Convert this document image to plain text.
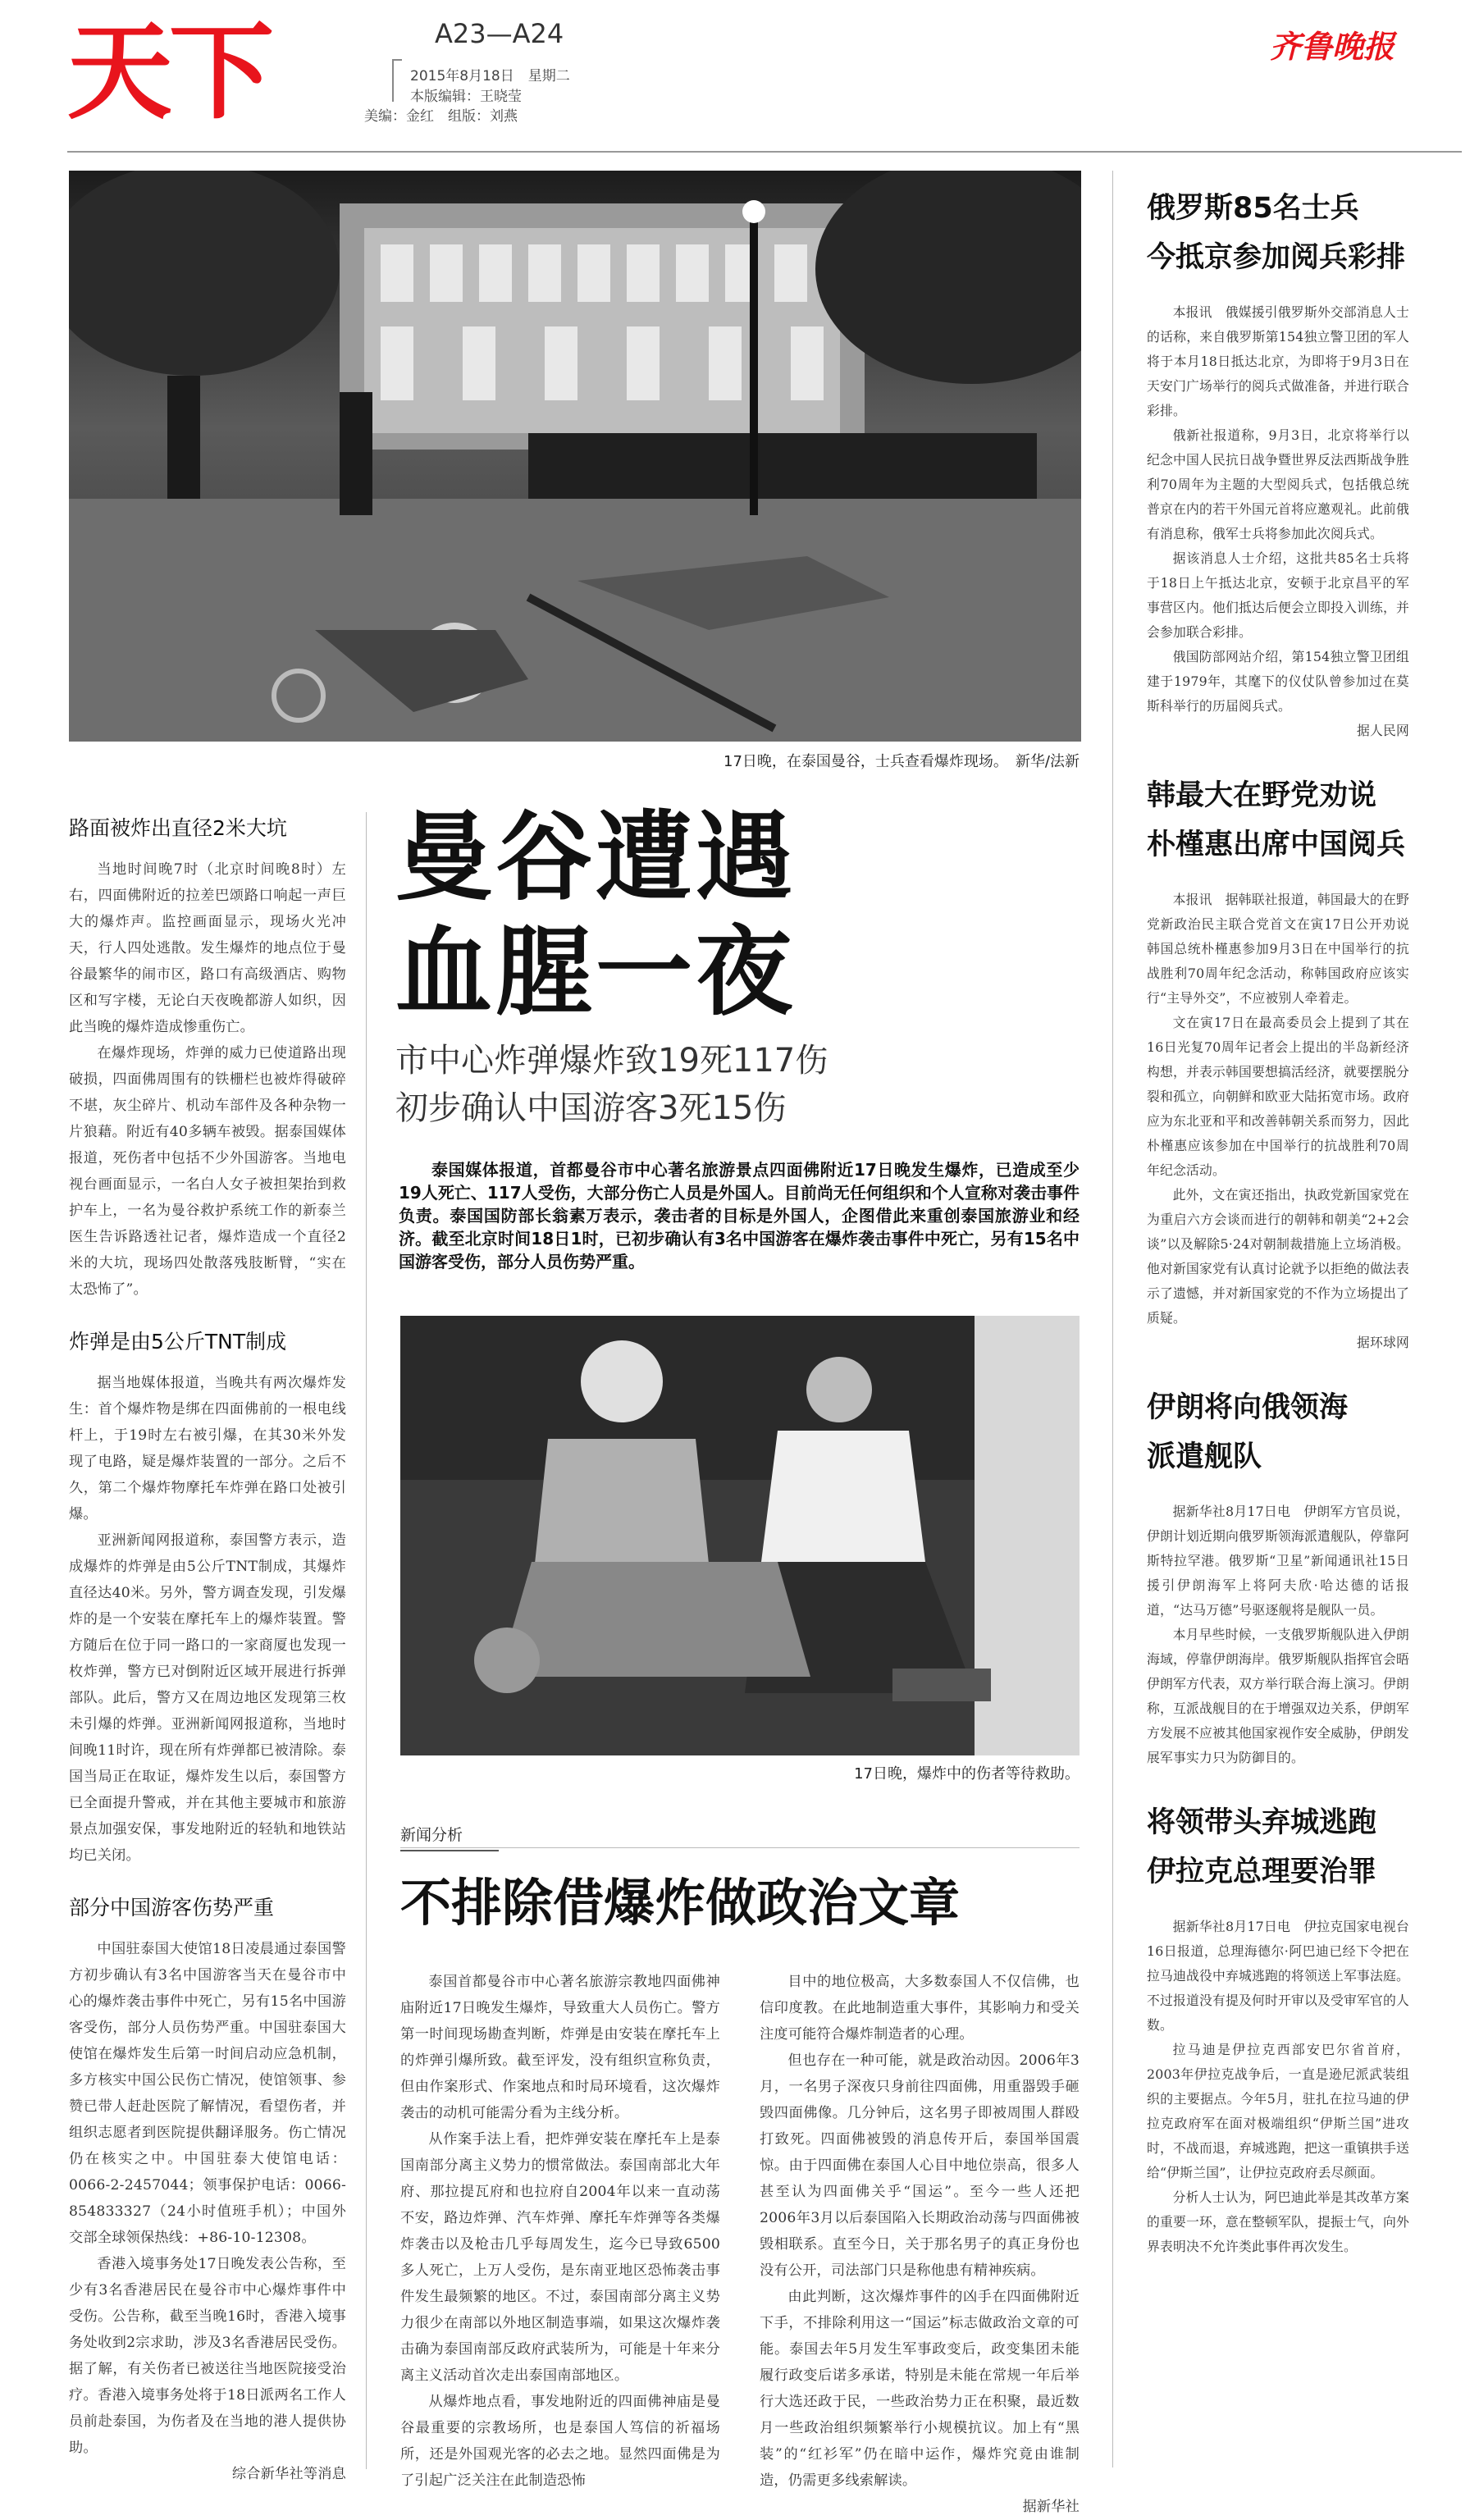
天下	A23—A24
2015年8月18日　星期二
本版编辑：王晓莹
美编：金红　组版：刘燕
齐鲁晚报
17日晚，在泰国曼谷，士兵查看爆炸现场。　新华/法新
路面被炸出直径2米大坑

当地时间晚7时（北京时间晚8时）左右，四面佛附近的拉差巴颂路口响起一声巨大的爆炸声。监控画面显示，现场火光冲天，行人四处逃散。发生爆炸的地点位于曼谷最繁华的闹市区，路口有高级酒店、购物区和写字楼，无论白天夜晚都游人如织，因此当晚的爆炸造成惨重伤亡。

在爆炸现场，炸弹的威力已使道路出现破损，四面佛周围有的铁栅栏也被炸得破碎不堪，灰尘碎片、机动车部件及各种杂物一片狼藉。附近有40多辆车被毁。据泰国媒体报道，死伤者中包括不少外国游客。当地电视台画面显示，一名白人女子被担架抬到救护车上，一名为曼谷救护系统工作的新泰兰医生告诉路透社记者，爆炸造成一个直径2米的大坑，现场四处散落残肢断臂，“实在太恐怖了”。

炸弹是由5公斤TNT制成

据当地媒体报道，当晚共有两次爆炸发生：首个爆炸物是绑在四面佛前的一根电线杆上，于19时左右被引爆，在其30米外发现了电路，疑是爆炸装置的一部分。之后不久，第二个爆炸物摩托车炸弹在路口处被引爆。

亚洲新闻网报道称，泰国警方表示，造成爆炸的炸弹是由5公斤TNT制成，其爆炸直径达40米。另外，警方调查发现，引发爆炸的是一个安装在摩托车上的爆炸装置。警方随后在位于同一路口的一家商厦也发现一枚炸弹，警方已对倒附近区域开展进行拆弹部队。此后，警方又在周边地区发现第三枚未引爆的炸弹。亚洲新闻网报道称，当地时间晚11时许，现在所有炸弹都已被清除。泰国当局正在取证，爆炸发生以后，泰国警方已全面提升警戒，并在其他主要城市和旅游景点加强安保，事发地附近的轻轨和地铁站均已关闭。

部分中国游客伤势严重

中国驻泰国大使馆18日凌晨通过泰国警方初步确认有3名中国游客当天在曼谷市中心的爆炸袭击事件中死亡，另有15名中国游客受伤，部分人员伤势严重。中国驻泰国大使馆在爆炸发生后第一时间启动应急机制，多方核实中国公民伤亡情况，使馆领事、参赞已带人赶赴医院了解情况，看望伤者，并组织志愿者到医院提供翻译服务。伤亡情况仍在核实之中。中国驻泰大使馆电话：0066-2-2457044；领事保护电话：0066-854833327（24小时值班手机）；中国外交部全球领保热线：+86-10-12308。

香港入境事务处17日晚发表公告称，至少有3名香港居民在曼谷市中心爆炸事件中受伤。公告称，截至当晚16时，香港入境事务处收到2宗求助，涉及3名香港居民受伤。据了解，有关伤者已被送往当地医院接受治疗。香港入境事务处将于18日派两名工作人员前赴泰国，为伤者及在当地的港人提供协助。

综合新华社等消息
曼谷遭遇
血腥一夜
市中心炸弹爆炸致19死117伤
初步确认中国游客3死15伤
泰国媒体报道，首都曼谷市中心著名旅游景点四面佛附近17日晚发生爆炸，已造成至少19人死亡、117人受伤，大部分伤亡人员是外国人。目前尚无任何组织和个人宣称对袭击事件负责。泰国国防部长翁素万表示，袭击者的目标是外国人，企图借此来重创泰国旅游业和经济。截至北京时间18日1时，已初步确认有3名中国游客在爆炸袭击事件中死亡，另有15名中国游客受伤，部分人员伤势严重。
17日晚，爆炸中的伤者等待救助。
新闻分析
不排除借爆炸做政治文章

泰国首都曼谷市中心著名旅游宗教地四面佛神庙附近17日晚发生爆炸，导致重大人员伤亡。警方第一时间现场勘查判断，炸弹是由安装在摩托车上的炸弹引爆所致。截至评发，没有组织宣称负责，但由作案形式、作案地点和时局环境看，这次爆炸袭击的动机可能需分看为主线分析。

从作案手法上看，把炸弹安装在摩托车上是泰国南部分离主义势力的惯常做法。泰国南部北大年府、那拉提瓦府和也拉府自2004年以来一直动荡不安，路边炸弹、汽车炸弹、摩托车炸弹等各类爆炸袭击以及枪击几乎每周发生，迄今已导致6500多人死亡，上万人受伤，是东南亚地区恐怖袭击事件发生最频繁的地区。不过，泰国南部分离主义势力很少在南部以外地区制造事端，如果这次爆炸袭击确为泰国南部反政府武装所为，可能是十年来分离主义活动首次走出泰国南部地区。

从爆炸地点看，事发地附近的四面佛神庙是曼谷最重要的宗教场所，也是泰国人笃信的祈福场所，还是外国观光客的必去之地。显然四面佛是为了引起广泛关注在此制造恐怖

目中的地位极高，大多数泰国人不仅信佛，也信印度教。在此地制造重大事件，其影响力和受关注度可能符合爆炸制造者的心理。

但也存在一种可能，就是政治动因。2006年3月，一名男子深夜只身前往四面佛，用重器毁手砸毁四面佛像。几分钟后，这名男子即被周围人群殴打致死。四面佛被毁的消息传开后，泰国举国震惊。由于四面佛在泰国人心目中地位崇高，很多人甚至认为四面佛关乎“国运”。至今一些人还把2006年3月以后泰国陷入长期政治动荡与四面佛被毁相联系。直至今日，关于那名男子的真正身份也没有公开，司法部门只是称他患有精神疾病。

由此判断，这次爆炸事件的凶手在四面佛附近下手，不排除利用这一“国运”标志做政治文章的可能。泰国去年5月发生军事政变后，政变集团未能履行政变后诺多承诺，特别是未能在常规一年后举行大选还政于民，一些政治势力正在积聚，最近数月一些政治组织频繁举行小规模抗议。加上有“黑装”的“红衫军”仍在暗中运作，爆炸究竟由谁制造，仍需更多线索解读。

据新华社
俄罗斯85名士兵
今抵京参加阅兵彩排

本报讯　俄媒援引俄罗斯外交部消息人士的话称，来自俄罗斯第154独立警卫团的军人将于本月18日抵达北京，为即将于9月3日在天安门广场举行的阅兵式做准备，并进行联合彩排。

俄新社报道称，9月3日，北京将举行以纪念中国人民抗日战争暨世界反法西斯战争胜利70周年为主题的大型阅兵式，包括俄总统普京在内的若干外国元首将应邀观礼。此前俄有消息称，俄军士兵将参加此次阅兵式。

据该消息人士介绍，这批共85名士兵将于18日上午抵达北京，安顿于北京昌平的军事营区内。他们抵达后便会立即投入训练，并会参加联合彩排。

俄国防部网站介绍，第154独立警卫团组建于1979年，其麾下的仪仗队曾参加过在莫斯科举行的历届阅兵式。

据人民网
韩最大在野党劝说
朴槿惠出席中国阅兵

本报讯　据韩联社报道，韩国最大的在野党新政治民主联合党首文在寅17日公开劝说韩国总统朴槿惠参加9月3日在中国举行的抗战胜利70周年纪念活动，称韩国政府应该实行“主导外交”，不应被别人牵着走。

文在寅17日在最高委员会上提到了其在16日光复70周年记者会上提出的半岛新经济构想，并表示韩国要想搞活经济，就要摆脱分裂和孤立，向朝鲜和欧亚大陆拓宽市场。政府应为东北亚和平和改善韩朝关系而努力，因此朴槿惠应该参加在中国举行的抗战胜利70周年纪念活动。

此外，文在寅还指出，执政党新国家党在为重启六方会谈而进行的朝韩和朝美“2+2会谈”以及解除5·24对朝制裁措施上立场消极。他对新国家党有认真讨论就予以拒绝的做法表示了遗憾，并对新国家党的不作为立场提出了质疑。

据环球网
伊朗将向俄领海
派遣舰队

据新华社8月17日电　伊朗军方官员说，伊朗计划近期向俄罗斯领海派遣舰队，停靠阿斯特拉罕港。俄罗斯“卫星”新闻通讯社15日援引伊朗海军上将阿夫欣·哈达德的话报道，“达马万德”号驱逐舰将是舰队一员。

本月早些时候，一支俄罗斯舰队进入伊朗海域，停靠伊朗海岸。俄罗斯舰队指挥官会晤伊朗军方代表，双方举行联合海上演习。伊朗称，互派战舰目的在于增强双边关系，伊朗军方发展不应被其他国家视作安全威胁，伊朗发展军事实力只为防御目的。

将领带头弃城逃跑
伊拉克总理要治罪

据新华社8月17日电　伊拉克国家电视台16日报道，总理海德尔·阿巴迪已经下令把在拉马迪战役中弃城逃跑的将领送上军事法庭。不过报道没有提及何时开审以及受审军官的人数。

拉马迪是伊拉克西部安巴尔省首府，2003年伊拉克战争后，一直是逊尼派武装组织的主要据点。今年5月，驻扎在拉马迪的伊拉克政府军在面对极端组织“伊斯兰国”进攻时，不战而退，弃城逃跑，把这一重镇拱手送给“伊斯兰国”，让伊拉克政府丢尽颜面。

分析人士认为，阿巴迪此举是其改革方案的重要一环，意在整顿军队，提振士气，向外界表明决不允许类此事件再次发生。
